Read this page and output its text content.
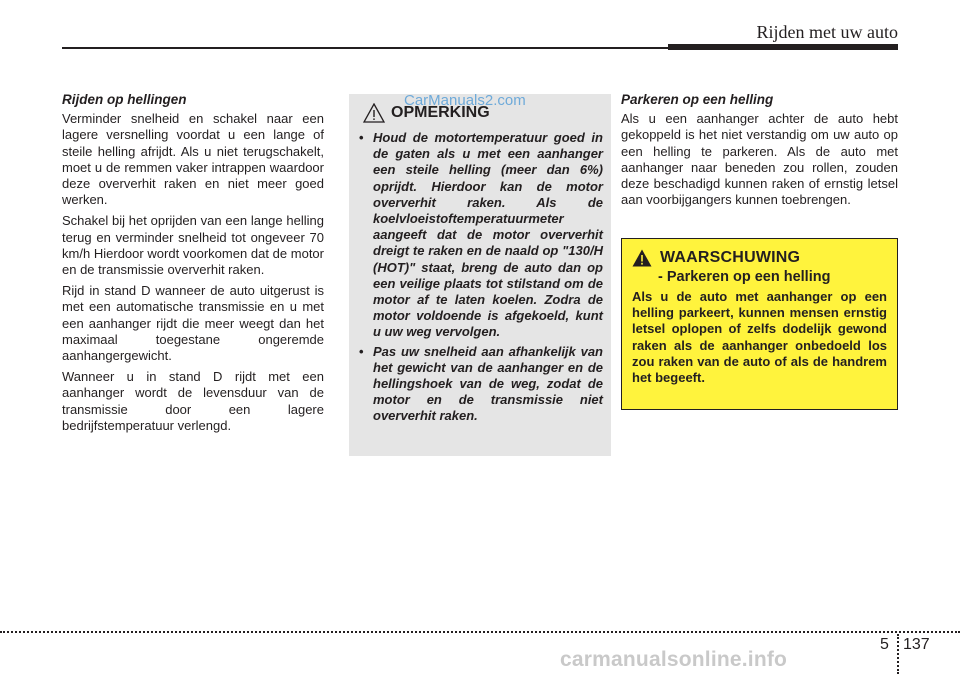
Rijden met uw auto
Rijden op hellingen

Verminder snelheid en schakel naar een lagere versnelling voordat u een lange of steile helling afrijdt. Als u niet terugschakelt, moet u de remmen vaker intrappen waardoor deze oververhit raken en niet meer goed werken.

Schakel bij het oprijden van een lange helling terug en verminder snelheid tot ongeveer 70 km/h Hierdoor wordt voorkomen dat de motor en de transmissie oververhit raken.

Rijd in stand D wanneer de auto uitgerust is met een automatische transmissie en u met een aanhanger rijdt die meer weegt dan het maximaal toegestane ongeremde aanhangergewicht.

Wanneer u in stand D rijdt met een aanhanger wordt de levensduur van de transmissie door een lagere bedrijfstemperatuur verlengd.

OPMERKING
• Houd de motortemperatuur goed in de gaten als u met een aanhanger een steile helling (meer dan 6%) oprijdt. Hierdoor kan de motor oververhit raken. Als de koelvloeistoftemperatuurmeter aangeeft dat de motor oververhit dreigt te raken en de naald op "130/H (HOT)" staat, breng de auto dan op een veilige plaats tot stilstand om de motor af te laten koelen. Zodra de motor voldoende is afgekoeld, kunt u uw weg vervolgen.
• Pas uw snelheid aan afhankelijk van het gewicht van de aanhanger en de hellingshoek van de weg, zodat de motor en de transmissie niet oververhit raken.
CarManuals2.com	Parkeren op een helling

Als u een aanhanger achter de auto hebt gekoppeld is het niet verstandig om uw auto op een helling te parkeren. Als de auto met aanhanger naar beneden zou rollen, zouden deze beschadigd kunnen raken of ernstig letsel aan voorbijgangers kunnen toebrengen.

WAARSCHUWING
- Parkeren op een helling

Als u de auto met aanhanger op een helling parkeert, kunnen mensen ernstig letsel oplopen of zelfs dodelijk gewond raken als de aanhanger onbedoeld los zou raken van de auto of als de handrem het begeeft.

5 137
carmanualsonline.info
